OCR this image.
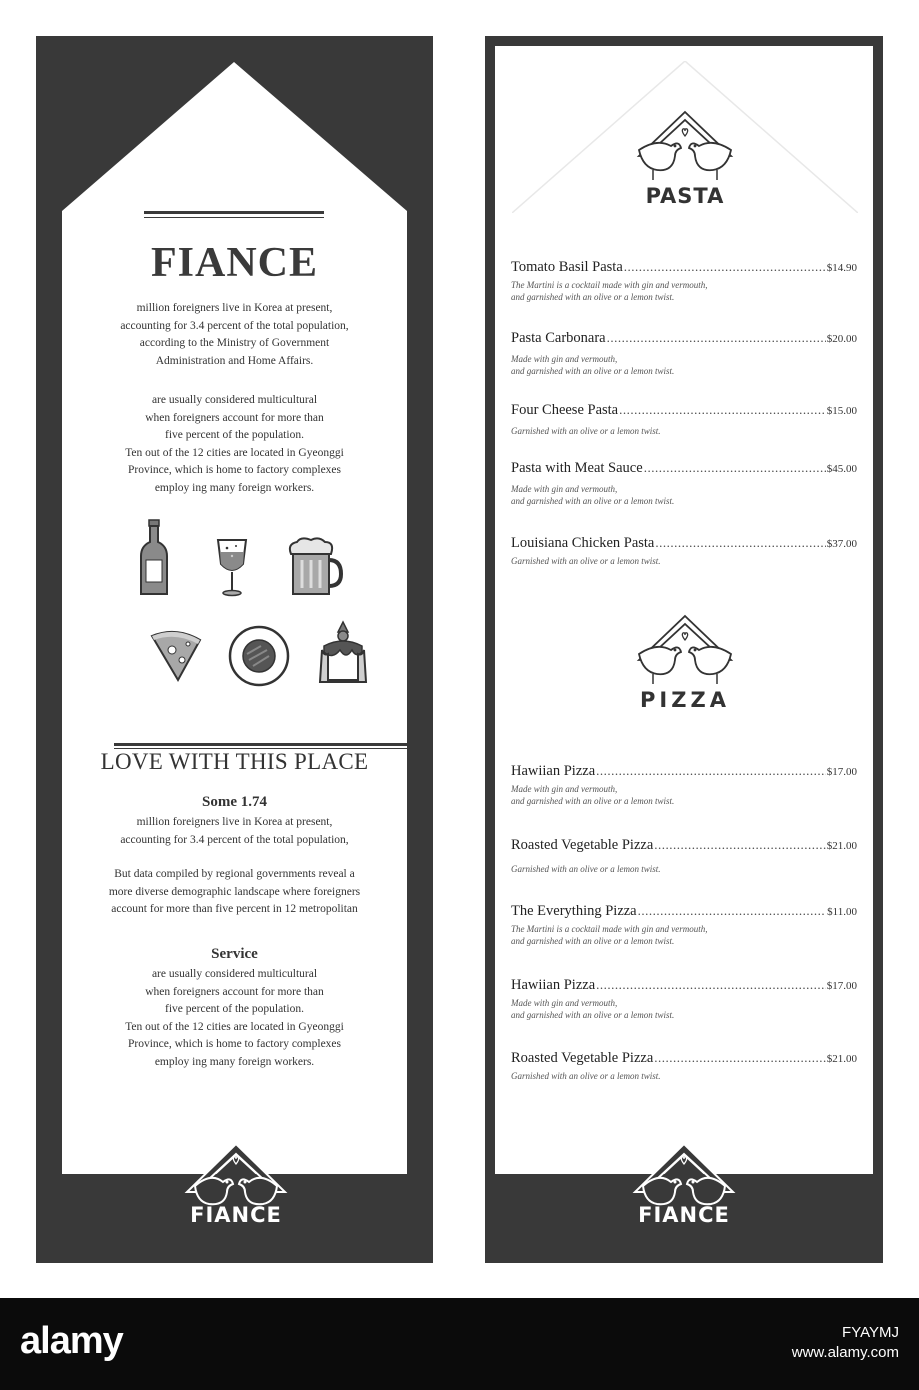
FIANCE
million foreigners live in Korea at present,
accounting for 3.4 percent of the total population,
according to the Ministry of Government
Administration and Home Affairs.
are usually considered multicultural
when foreigners account for more than
five percent of the population.
Ten out of the 12 cities are located in Gyeonggi
Province, which is home to factory complexes
employ ing many foreign workers.
LOVE WITH THIS PLACE
Some 1.74
million foreigners live in Korea at present,
accounting for 3.4 percent of the total population,
But data compiled by regional governments reveal a
more diverse demographic landscape where foreigners
account for more than five percent in 12 metropolitan
Service
are usually considered multicultural
when foreigners account for more than
five percent of the population.
Ten out of the 12 cities are located in Gyeonggi
Province, which is home to factory complexes
employ ing many foreign workers.
FIANCE
PASTA
Tomato Basil Pasta .....	$14.90
The Martini is a cocktail made with gin and vermouth,
and garnished with an olive or a lemon twist.
Pasta Carbonara .....	$20.00
Made with gin and vermouth,
and garnished with an olive or a lemon twist.
Four Cheese Pasta .....	$15.00
Garnished with an olive or a lemon twist.
Pasta with Meat Sauce .....	$45.00
Made with gin and vermouth,
and garnished with an olive or a lemon twist.
Louisiana Chicken Pasta .....	$37.00
Garnished with an olive or a lemon twist.
PIZZA
Hawiian Pizza .....	$17.00
Made with gin and vermouth,
and garnished with an olive or a lemon twist.
Roasted Vegetable Pizza .....	$21.00
Garnished with an olive or a lemon twist.
The Everything Pizza .....	$11.00
The Martini is a cocktail made with gin and vermouth,
and garnished with an olive or a lemon twist.
Hawiian Pizza .....	$17.00
Made with gin and vermouth,
and garnished with an olive or a lemon twist.
Roasted Vegetable Pizza .....	$21.00
Garnished with an olive or a lemon twist.
FIANCE
alamy	FYAYMJ
www.alamy.com
